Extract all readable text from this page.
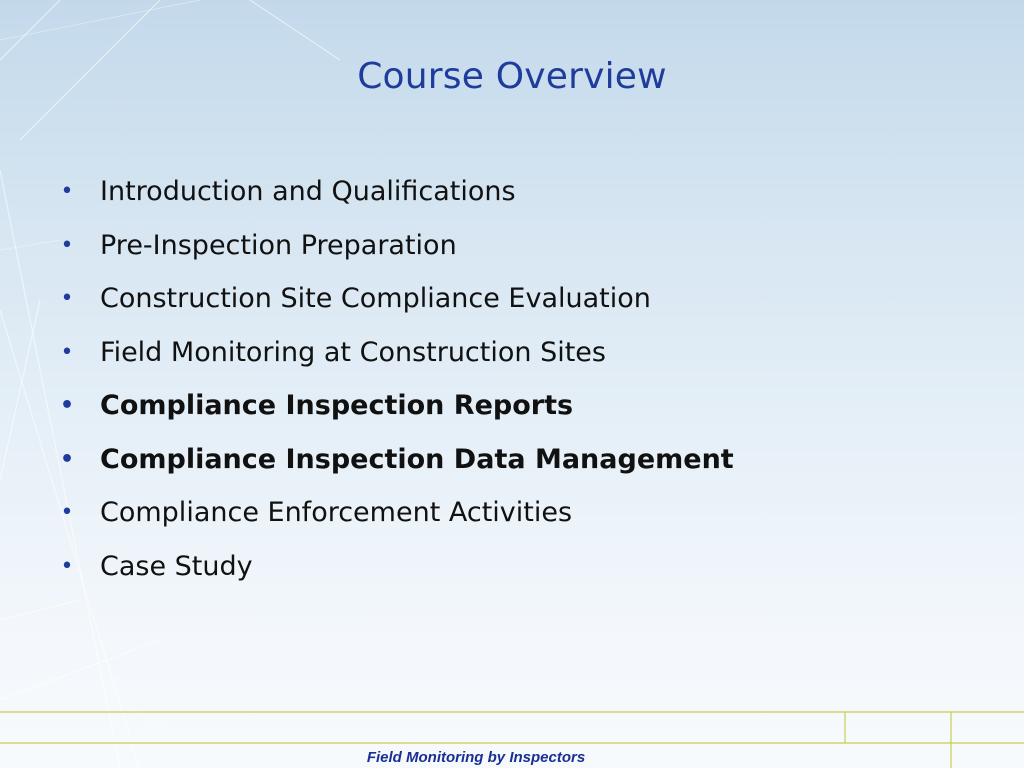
Course Overview
• Introduction and Qualifications
• Pre-Inspection Preparation
• Construction Site Compliance Evaluation
• Field Monitoring at Construction Sites
• Compliance Inspection Reports
• Compliance Inspection Data Management
• Compliance Enforcement Activities
• Case Study

Field Monitoring by Inspectors
